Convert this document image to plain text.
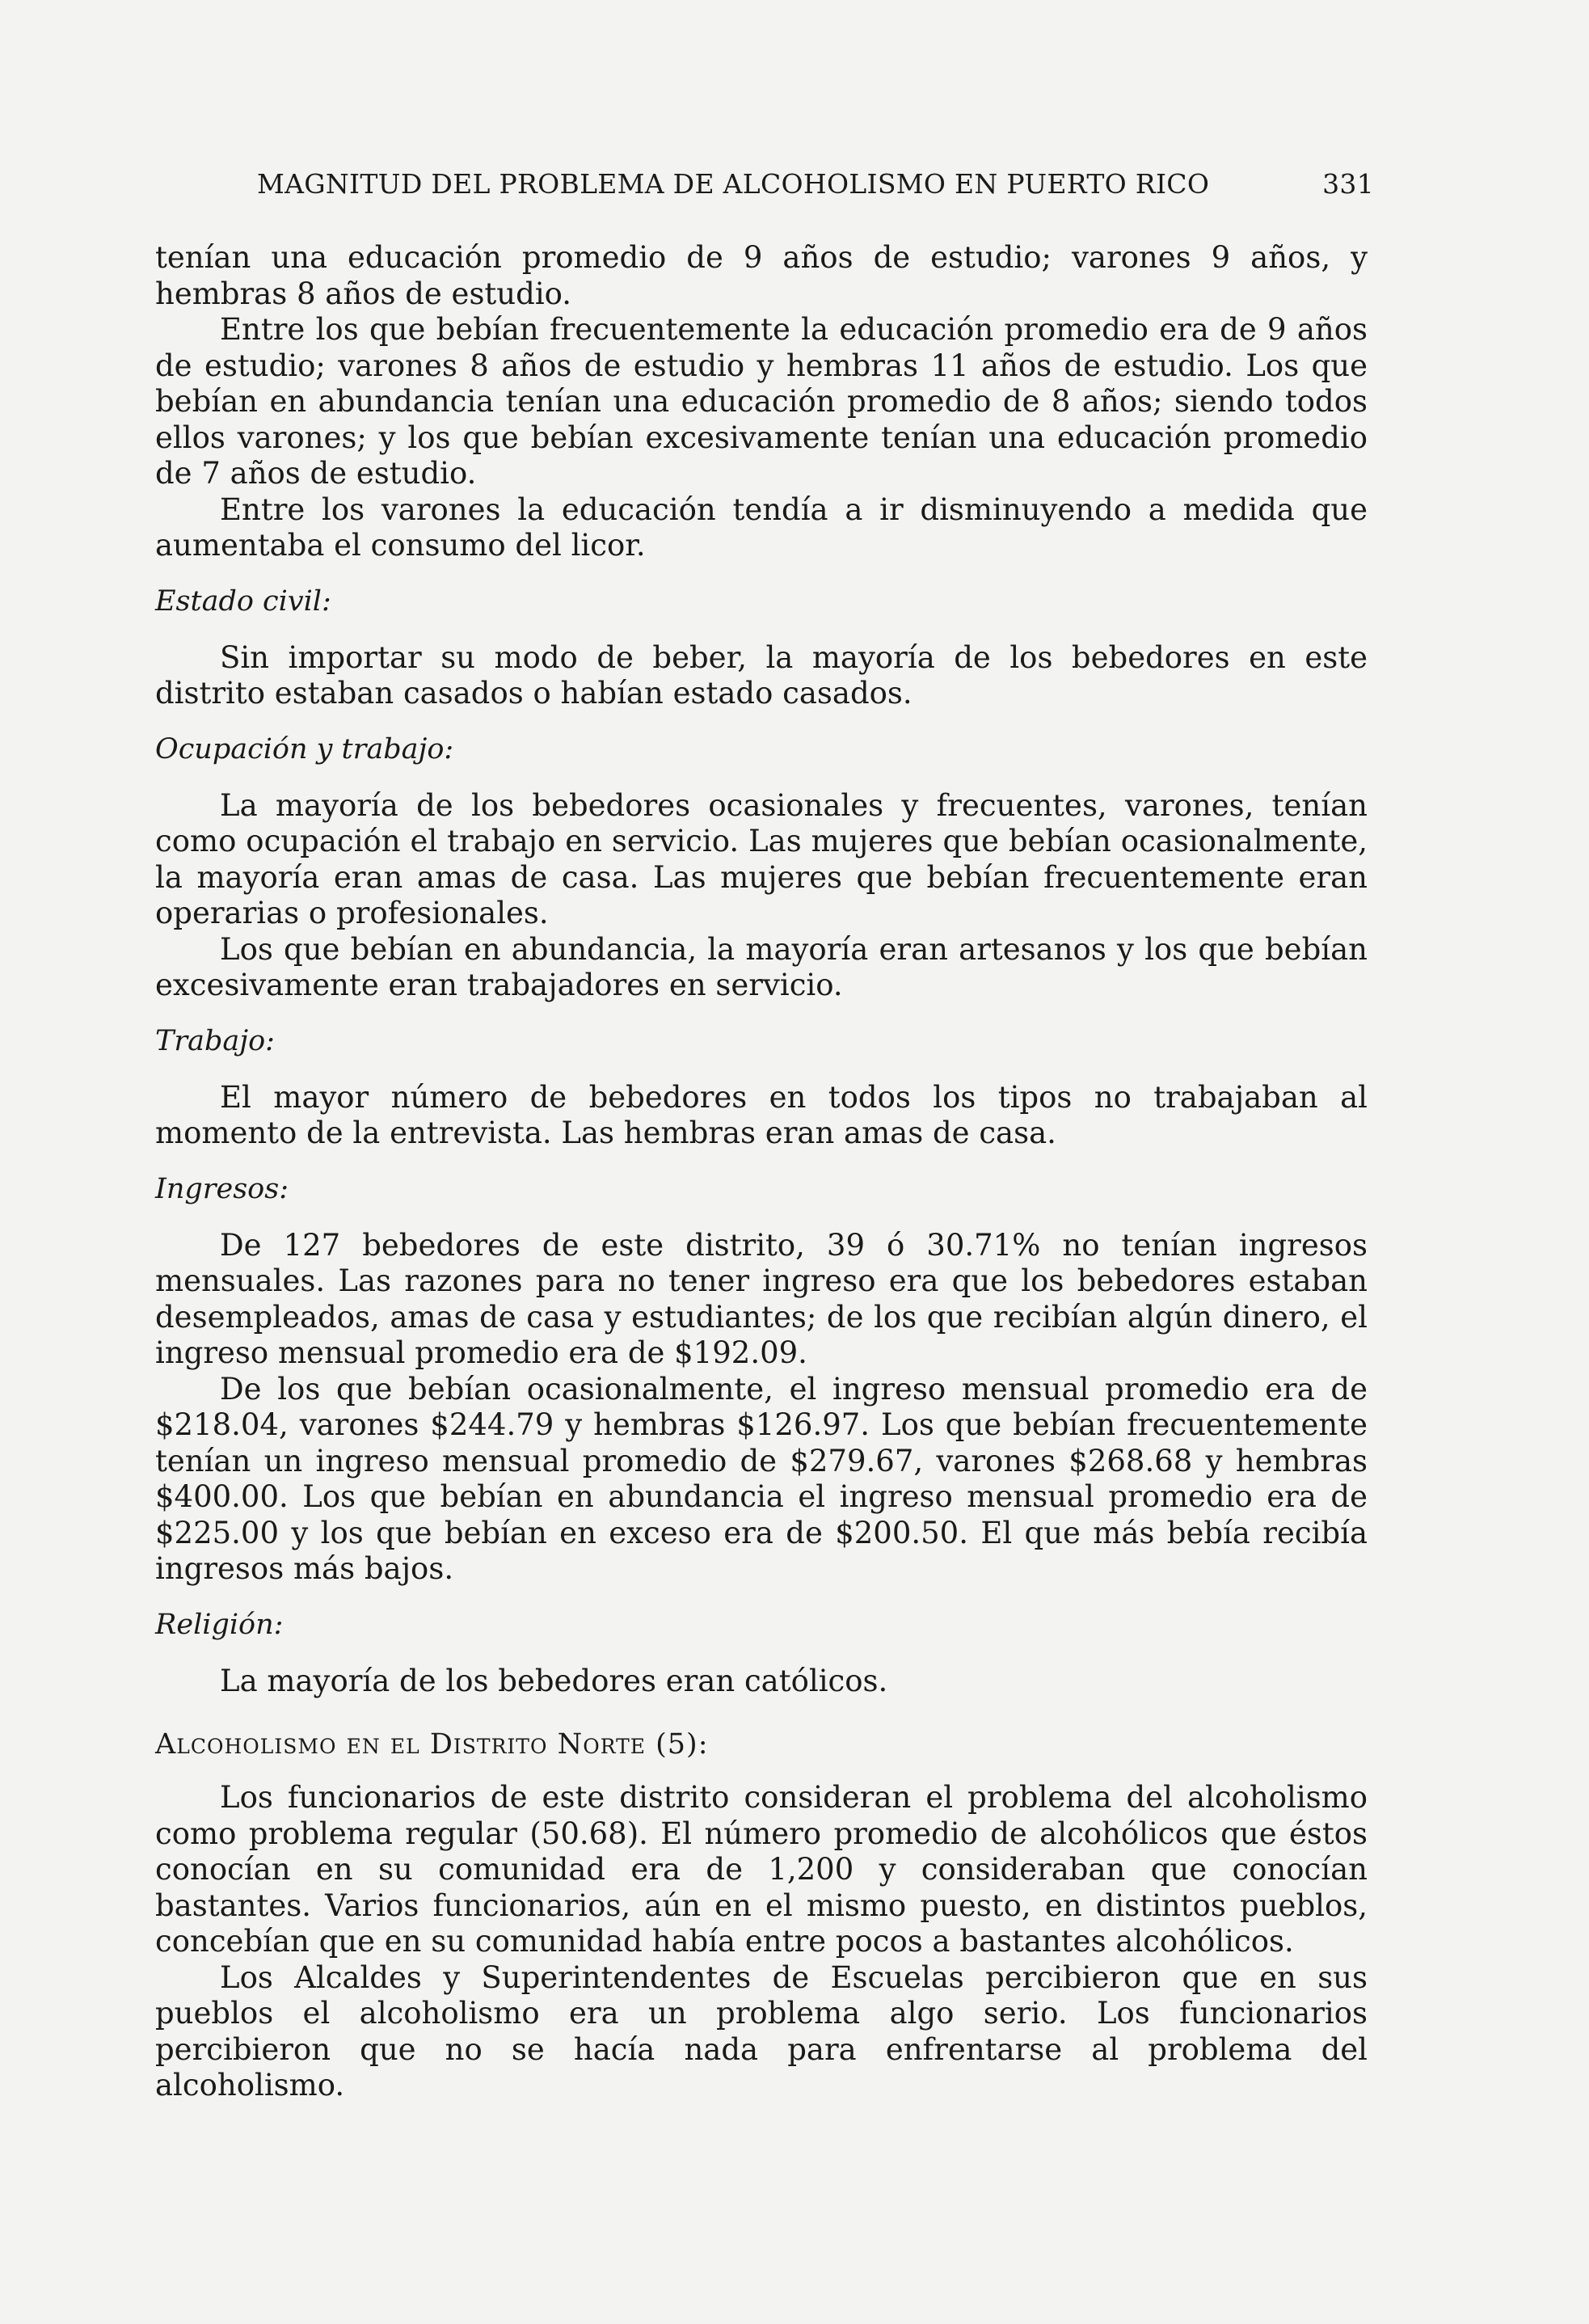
MAGNITUD DEL PROBLEMA DE ALCOHOLISMO EN PUERTO RICO	331

tenían una educación promedio de 9 años de estudio; varones 9 años, y hembras 8 años de estudio.

Entre los que bebían frecuentemente la educación promedio era de 9 años de estudio; varones 8 años de estudio y hembras 11 años de estudio. Los que bebían en abundancia tenían una educación promedio de 8 años; siendo todos ellos varones; y los que bebían excesivamente tenían una educación promedio de 7 años de estudio.

Entre los varones la educación tendía a ir disminuyendo a medida que aumentaba el consumo del licor.

Estado civil:

Sin importar su modo de beber, la mayoría de los bebedores en este distrito estaban casados o habían estado casados.

Ocupación y trabajo:

La mayoría de los bebedores ocasionales y frecuentes, varones, tenían como ocupación el trabajo en servicio. Las mujeres que bebían ocasionalmente, la mayoría eran amas de casa. Las mujeres que bebían frecuentemente eran operarias o profesionales.

Los que bebían en abundancia, la mayoría eran artesanos y los que bebían excesivamente eran trabajadores en servicio.

Trabajo:

El mayor número de bebedores en todos los tipos no trabajaban al momento de la entrevista. Las hembras eran amas de casa.

Ingresos:

De 127 bebedores de este distrito, 39 ó 30.71% no tenían ingresos mensuales. Las razones para no tener ingreso era que los bebedores estaban desempleados, amas de casa y estudiantes; de los que recibían algún dinero, el ingreso mensual promedio era de $192.09.

De los que bebían ocasionalmente, el ingreso mensual promedio era de $218.04, varones $244.79 y hembras $126.97. Los que bebían frecuentemente tenían un ingreso mensual promedio de $279.67, varones $268.68 y hembras $400.00. Los que bebían en abundancia el ingreso mensual promedio era de $225.00 y los que bebían en exceso era de $200.50. El que más bebía recibía ingresos más bajos.

Religión:

La mayoría de los bebedores eran católicos.

Alcoholismo en el Distrito Norte (5):

Los funcionarios de este distrito consideran el problema del alcoholismo como problema regular (50.68). El número promedio de alcohólicos que éstos conocían en su comunidad era de 1,200 y consideraban que conocían bastantes. Varios funcionarios, aún en el mismo puesto, en distintos pueblos, concebían que en su comunidad había entre pocos a bastantes alcohólicos.

Los Alcaldes y Superintendentes de Escuelas percibieron que en sus pueblos el alcoholismo era un problema algo serio. Los funcionarios percibieron que no se hacía nada para enfrentarse al problema del alcoholismo.
